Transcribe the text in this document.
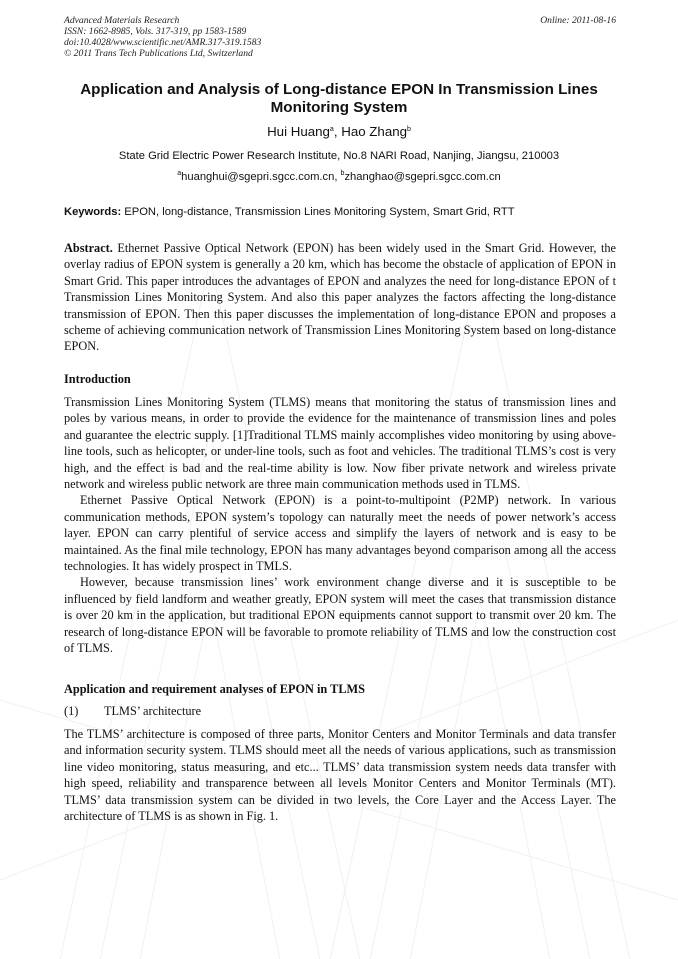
Advanced Materials Research
ISSN: 1662-8985, Vols. 317-319, pp 1583-1589
doi:10.4028/www.scientific.net/AMR.317-319.1583
© 2011 Trans Tech Publications Ltd, Switzerland
Online: 2011-08-16
Application and Analysis of Long-distance EPON In Transmission Lines Monitoring System
Hui Huang$^a$, Hao Zhang$^b$
State Grid Electric Power Research Institute, No.8 NARI Road, Nanjing, Jiangsu, 210003
$^a$huanghui@sgepri.sgcc.com.cn, $^b$zhanghao@sgepri.sgcc.com.cn
Keywords: EPON, long-distance, Transmission Lines Monitoring System, Smart Grid, RTT

Abstract. Ethernet Passive Optical Network (EPON) has been widely used in the Smart Grid. However, the overlay radius of EPON system is generally a 20 km, which has become the obstacle of application of EPON in Smart Grid. This paper introduces the advantages of EPON and analyzes the need for long-distance EPON of t Transmission Lines Monitoring System. And also this paper analyzes the factors affecting the long-distance transmission of EPON. Then this paper discusses the implementation of long-distance EPON and proposes a scheme of achieving communication network of Transmission Lines Monitoring System based on long-distance EPON.

Introduction

Transmission Lines Monitoring System (TLMS) means that monitoring the status of transmission lines and poles by various means, in order to provide the evidence for the maintenance of transmission lines and poles and guarantee the electric supply. [1]Traditional TLMS mainly accomplishes video monitoring by using above-line tools, such as helicopter, or under-line tools, such as foot and vehicles. The traditional TLMS’s cost is very high, and the effect is bad and the real-time ability is low. Now fiber private network and wireless private network and wireless public network are three main communication methods used in TLMS.

Ethernet Passive Optical Network (EPON) is a point-to-multipoint (P2MP) network. In various communication methods, EPON system’s topology can naturally meet the needs of power network’s access layer. EPON can carry plentiful of service access and simplify the layers of network and is easy to be maintained. As the final mile technology, EPON has many advantages beyond comparison among all the access technologies. It has widely prospect in TMLS.

However, because transmission lines’ work environment change diverse and it is susceptible to be influenced by field landform and weather greatly, EPON system will meet the cases that transmission distance is over 20 km in the application, but traditional EPON equipments cannot support to transmit over 20 km. The research of long-distance EPON will be favorable to promote reliability of TLMS and low the construction cost of TLMS.

Application and requirement analyses of EPON in TLMS
(1) TLMS’ architecture

The TLMS’ architecture is composed of three parts, Monitor Centers and Monitor Terminals and data transfer and information security system. TLMS should meet all the needs of various applications, such as transmission line video monitoring, status measuring, and etc... TLMS’ data transmission system needs data transfer with high speed, reliability and transparence between all levels Monitor Centers and Monitor Terminals (MT). TLMS’ data transmission system can be divided in two levels, the Core Layer and the Access Layer. The architecture of TLMS is as shown in Fig. 1.
